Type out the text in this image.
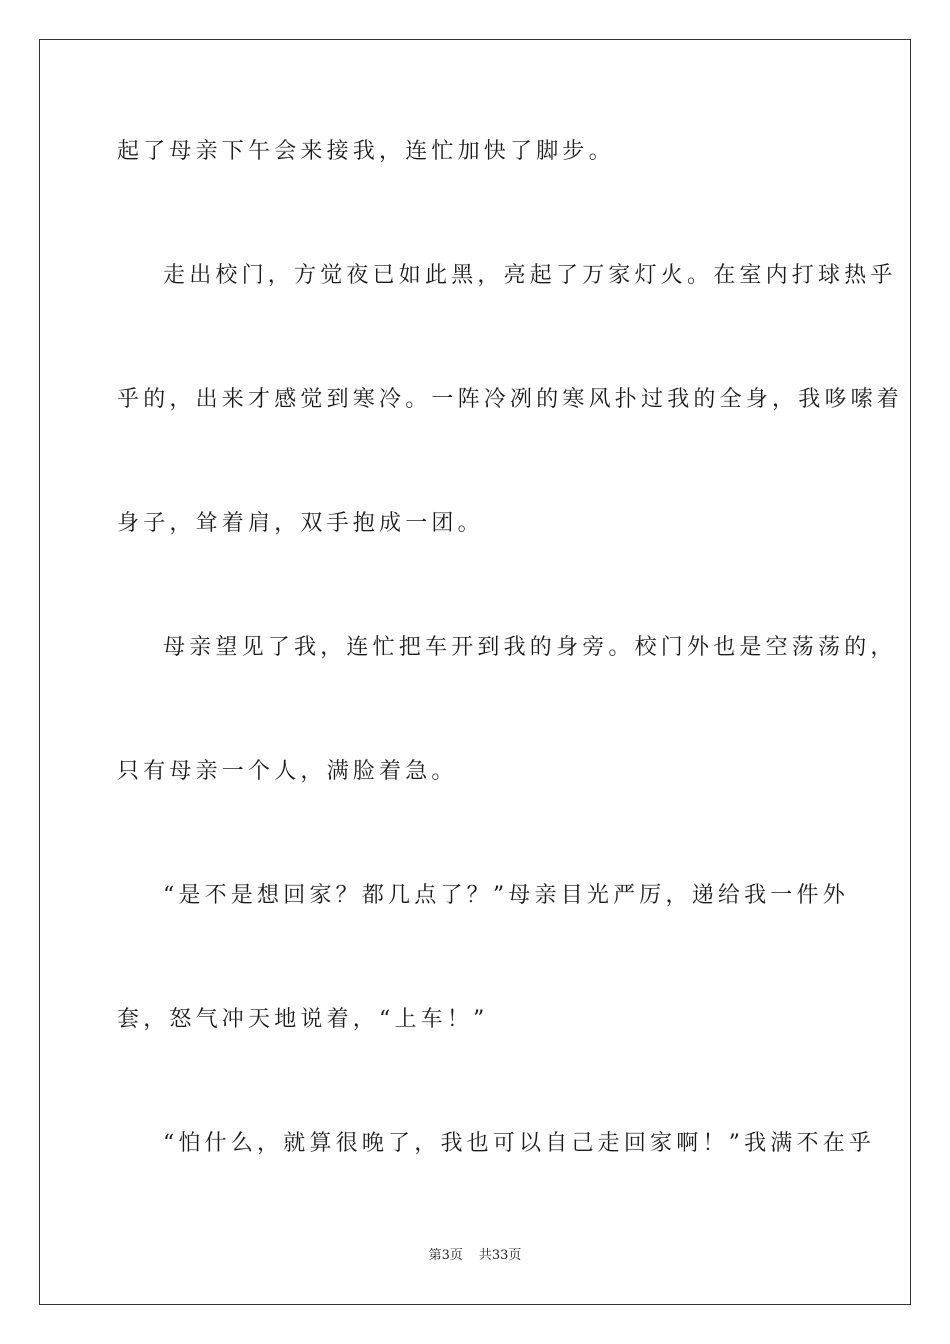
起了母亲下午会来接我，连忙加快了脚步。
走出校门，方觉夜已如此黑，亮起了万家灯火。在室内打球热乎
乎的，出来才感觉到寒冷。一阵冷冽的寒风扑过我的全身，我哆嗦着
身子，耸着肩，双手抱成一团。
母亲望见了我，连忙把车开到我的身旁。校门外也是空荡荡的，
只有母亲一个人，满脸着急。
“是不是想回家？都几点了？”母亲目光严厉，递给我一件外
套，怒气冲天地说着，“上车！”
“怕什么，就算很晚了，我也可以自己走回家啊！”我满不在乎
第3页 共33页
